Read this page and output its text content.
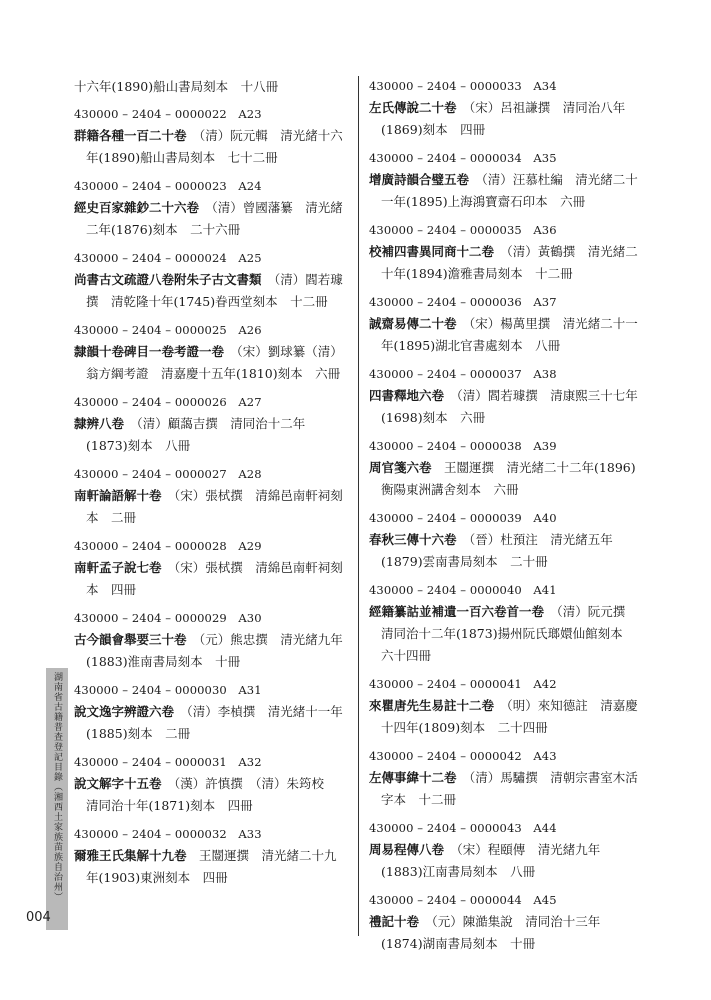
十六年(1890)船山書局刻本　十八冊
430000 – 2404 – 0000022　A23
群籍各種一百二十卷　 （清）阮元輯　清光緒十六年(1890)船山書局刻本　七十二冊
430000 – 2404 – 0000023　A24
經史百家雜鈔二十六卷　 （清）曾國藩纂　清光緒二年(1876)刻本　二十六冊
430000 – 2404 – 0000024　A25
尚書古文疏證八卷附朱子古文書類　 （清）閻若璩撰　清乾隆十年(1745)眷西堂刻本　十二冊
430000 – 2404 – 0000025　A26
隸韻十卷碑目一卷考證一卷　 （宋）劉球纂（清）翁方綱考證　清嘉慶十五年(1810)刻本　六冊
430000 – 2404 – 0000026　A27
隸辨八卷　 （清）顧藹吉撰　清同治十二年(1873)刻本　八冊
430000 – 2404 – 0000027　A28
南軒論語解十卷　 （宋）張栻撰　清綿邑南軒祠刻本　二冊
430000 – 2404 – 0000028　A29
南軒孟子說七卷　 （宋）張栻撰　清綿邑南軒祠刻本　四冊
430000 – 2404 – 0000029　A30
古今韻會舉要三十卷　 （元）熊忠撰　清光緒九年(1883)淮南書局刻本　十冊
430000 – 2404 – 0000030　A31
說文逸字辨證六卷　 （清）李楨撰　清光緒十一年(1885)刻本　二冊
430000 – 2404 – 0000031　A32
說文解字十五卷　 （漢）許慎撰　（清）朱筠校　清同治十年(1871)刻本　四冊
430000 – 2404 – 0000032　A33
爾雅王氏集解十九卷　 王闓運撰　清光緒二十九年(1903)東洲刻本　四冊
430000 – 2404 – 0000033　A34
左氏傳說二十卷　 （宋）呂祖謙撰　清同治八年(1869)刻本　四冊
430000 – 2404 – 0000034　A35
增廣詩韻合璧五卷　 （清）汪慕杜編　清光緒二十一年(1895)上海鴻寶齋石印本　六冊
430000 – 2404 – 0000035　A36
校補四書異同商十二卷　 （清）黃鶴撰　清光緒二十年(1894)澹雅書局刻本　十二冊
430000 – 2404 – 0000036　A37
誠齋易傳二十卷　 （宋）楊萬里撰　清光緒二十一年(1895)湖北官書處刻本　八冊
430000 – 2404 – 0000037　A38
四書釋地六卷　 （清）閻若璩撰　清康熙三十七年(1698)刻本　六冊
430000 – 2404 – 0000038　A39
周官箋六卷　 王闓運撰　清光緒二十二年(1896)衡陽東洲講舍刻本　六冊
430000 – 2404 – 0000039　A40
春秋三傳十六卷　 （晉）杜預注　清光緒五年(1879)雲南書局刻本　二十冊
430000 – 2404 – 0000040　A41
經籍纂詁並補遺一百六卷首一卷　 （清）阮元撰　清同治十二年(1873)揚州阮氏瑯嬛仙館刻本　六十四冊
430000 – 2404 – 0000041　A42
來瞿唐先生易註十二卷　 （明）來知德註　清嘉慶十四年(1809)刻本　二十四冊
430000 – 2404 – 0000042　A43
左傳事緯十二卷　 （清）馬驌撰　清朝宗書室木活字本　十二冊
430000 – 2404 – 0000043　A44
周易程傳八卷　 （宋）程頤傳　清光緒九年(1883)江南書局刻本　八冊
430000 – 2404 – 0000044　A45
禮記十卷　 （元）陳澔集說　清同治十三年(1874)湖南書局刻本　十冊
湖南省古籍普查登記目錄（湘西土家族苗族自治州）
004
